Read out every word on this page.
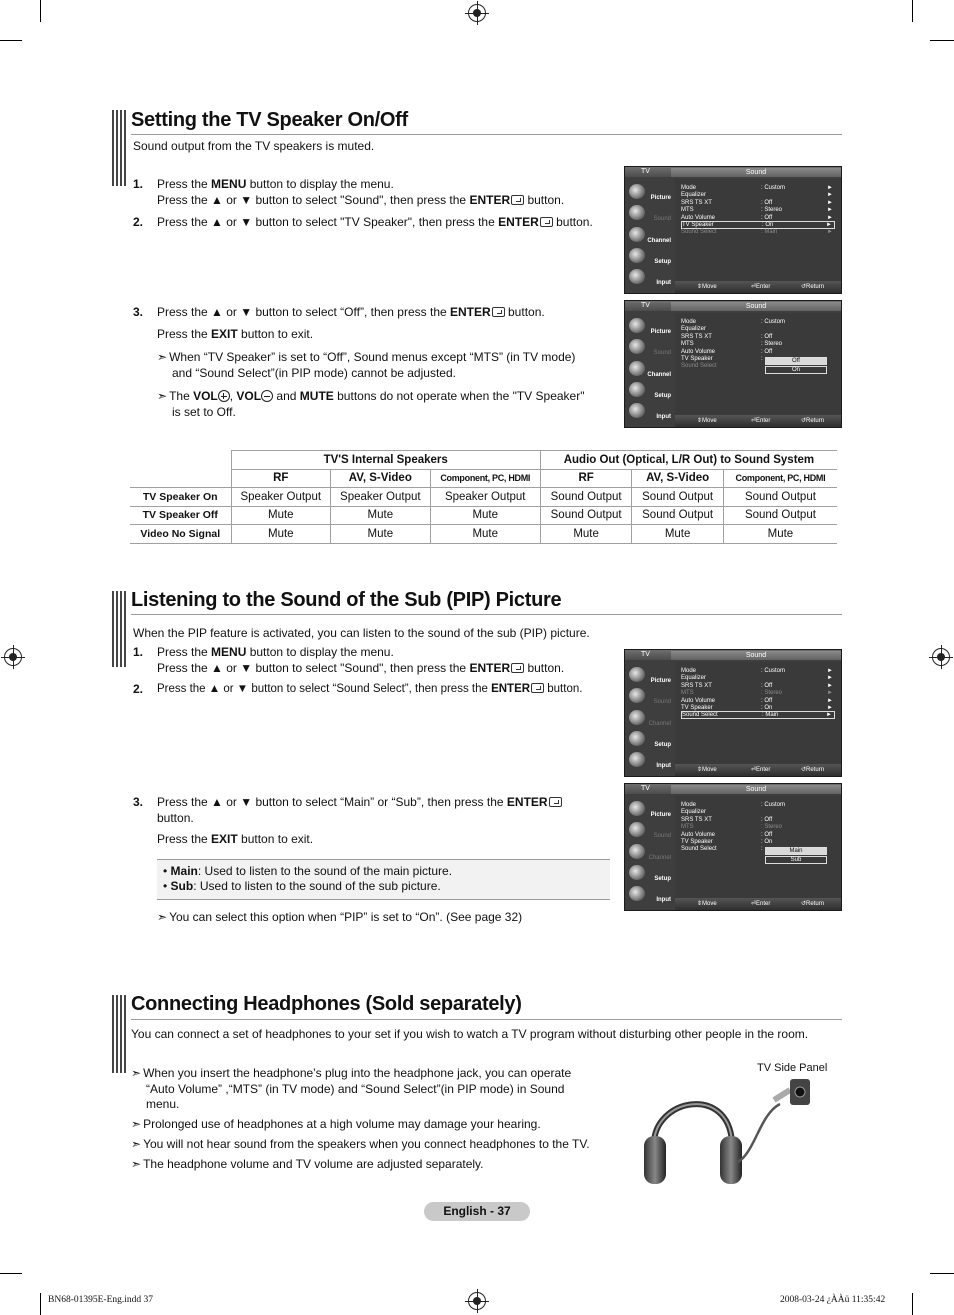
Setting the TV Speaker On/Off
Sound output from the TV speakers is muted.
1. Press the MENU button to display the menu.
Press the ▲ or ▼ button to select "Sound", then press the ENTER button.
2. Press the ▲ or ▼ button to select "TV Speaker", then press the ENTER button.
3. Press the ▲ or ▼ button to select “Off”, then press the ENTER button.
Press the EXIT button to exit.
➣ When “TV Speaker” is set to “Off”, Sound menus except “MTS” (in TV mode)
and “Sound Select”(in PIP mode) cannot be adjusted.
➣ The VOL , VOL and MUTE buttons do not operate when the "TV Speaker"
is set to Off.
TV	Sound
Picture
Sound
Channel
Setup
Input
Mode	: Custom	►
Equalizer	►
SRS TS XT	: Off	►
MTS	: Stereo	►
Auto Volume	: Off	►
TV Speaker	: On	►
Sound Select	: Main	►
⇕ Move	⏎ Enter	↺ Return
TV	Sound
Picture
Sound
Channel
Setup
Input
Mode	: Custom
Equalizer
SRS TS XT	: Off
MTS	: Stereo
Auto Volume	: Off
TV Speaker	:
Sound Select
Off
On
⇕ Move	⏎ Enter	↺ Return
	TV'S Internal Speakers			Audio Out (Optical, L/R Out) to Sound System		
	RF	AV, S-Video	Component, PC, HDMI	RF	AV, S-Video	Component, PC, HDMI
TV Speaker On	Speaker Output	Speaker Output	Speaker Output	Sound Output	Sound Output	Sound Output
TV Speaker Off	Mute	Mute	Mute	Sound Output	Sound Output	Sound Output
Video No Signal	Mute	Mute	Mute	Mute	Mute	Mute
Listening to the Sound of the Sub (PIP) Picture
When the PIP feature is activated, you can listen to the sound of the sub (PIP) picture.
1. Press the MENU button to display the menu.
Press the ▲ or ▼ button to select "Sound", then press the ENTER button.
2. Press the ▲ or ▼ button to select “Sound Select”, then press the ENTER button.
3. Press the ▲ or ▼ button to select “Main” or “Sub”, then press the ENTER
button.
Press the EXIT button to exit.
• Main: Used to listen to the sound of the main picture.
• Sub: Used to listen to the sound of the sub picture.
➣ You can select this option when “PIP” is set to “On”. (See page 32)
TV	Sound
Picture
Sound
Channel
Setup
Input
Mode	: Custom	►
Equalizer	►
SRS TS XT	: Off	►
MTS	: Stereo	►
Auto Volume	: Off	►
TV Speaker	: On	►
Sound Select	: Main	►
⇕ Move	⏎ Enter	↺ Return
TV	Sound
Picture
Sound
Channel
Setup
Input
Mode	: Custom
Equalizer
SRS TS XT	: Off
MTS	: Stereo
Auto Volume	: Off
TV Speaker	: On
Sound Select	:	Main
Sub
⇕ Move	⏎ Enter	↺ Return
Connecting Headphones (Sold separately)
You can connect a set of headphones to your set if you wish to watch a TV program without disturbing other people in the room.
➣ When you insert the headphone’s plug into the headphone jack, you can operate
“Auto Volume” ,“MTS” (in TV mode) and “Sound Select”(in PIP mode) in Sound
menu.
➣ Prolonged use of headphones at a high volume may damage your hearing.
➣ You will not hear sound from the speakers when you connect headphones to the TV.
➣ The headphone volume and TV volume are adjusted separately.
TV Side Panel
English - 37
BN68-01395E-Eng.indd 37	2008-03-24 ¿ÀÀü 11:35:42
